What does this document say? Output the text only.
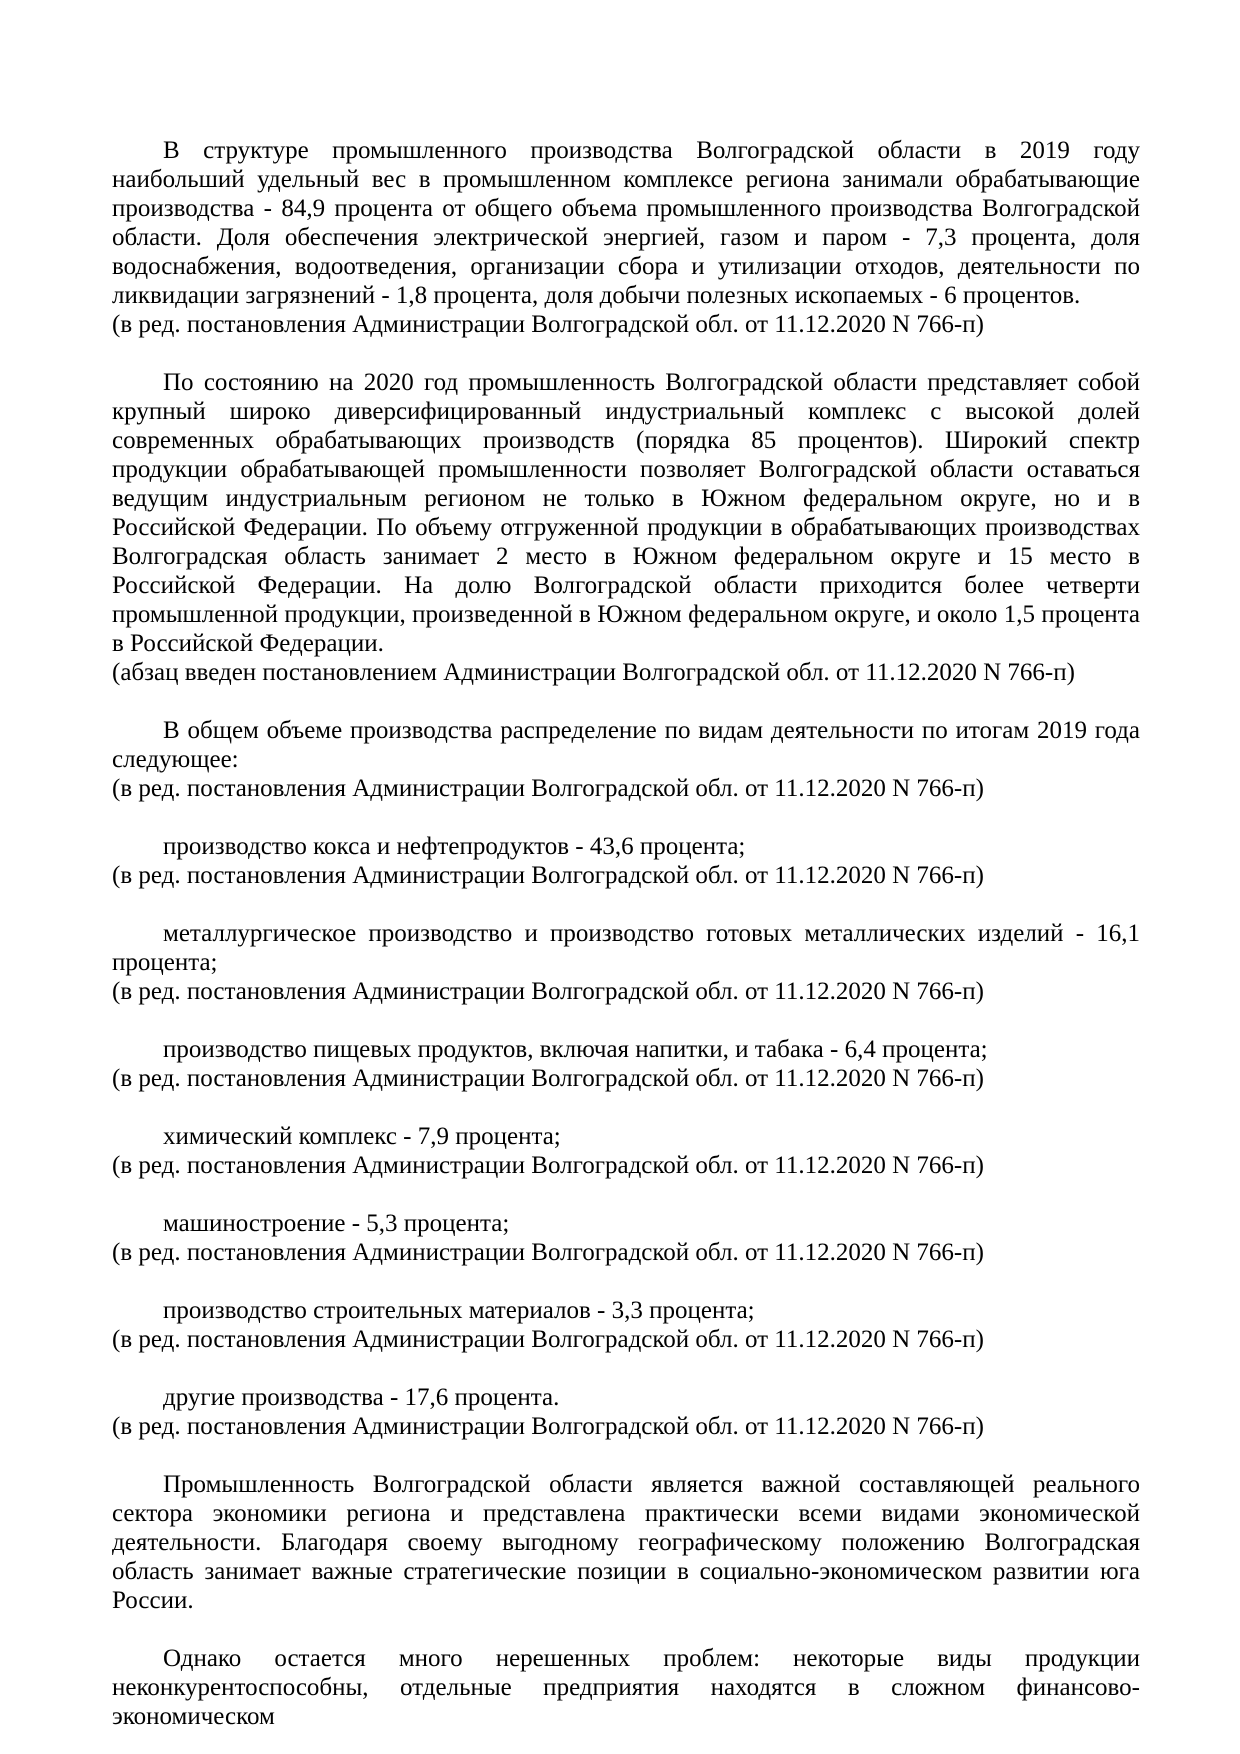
В структуре промышленного производства Волгоградской области в 2019 году наибольший удельный вес в промышленном комплексе региона занимали обрабатывающие производства - 84,9 процента от общего объема промышленного производства Волгоградской области. Доля обеспечения электрической энергией, газом и паром - 7,3 процента, доля водоснабжения, водоотведения, организации сбора и утилизации отходов, деятельности по ликвидации загрязнений - 1,8 процента, доля добычи полезных ископаемых - 6 процентов.

(в ред. постановления Администрации Волгоградской обл. от 11.12.2020 N 766-п)

По состоянию на 2020 год промышленность Волгоградской области представляет собой крупный широко диверсифицированный индустриальный комплекс с высокой долей современных обрабатывающих производств (порядка 85 процентов). Широкий спектр продукции обрабатывающей промышленности позволяет Волгоградской области оставаться ведущим индустриальным регионом не только в Южном федеральном округе, но и в Российской Федерации. По объему отгруженной продукции в обрабатывающих производствах Волгоградская область занимает 2 место в Южном федеральном округе и 15 место в Российской Федерации. На долю Волгоградской области приходится более четверти промышленной продукции, произведенной в Южном федеральном округе, и около 1,5 процента в Российской Федерации.

(абзац введен постановлением Администрации Волгоградской обл. от 11.12.2020 N 766-п)

В общем объеме производства распределение по видам деятельности по итогам 2019 года следующее:

(в ред. постановления Администрации Волгоградской обл. от 11.12.2020 N 766-п)

производство кокса и нефтепродуктов - 43,6 процента;

(в ред. постановления Администрации Волгоградской обл. от 11.12.2020 N 766-п)

металлургическое производство и производство готовых металлических изделий - 16,1 процента;

(в ред. постановления Администрации Волгоградской обл. от 11.12.2020 N 766-п)

производство пищевых продуктов, включая напитки, и табака - 6,4 процента;

(в ред. постановления Администрации Волгоградской обл. от 11.12.2020 N 766-п)

химический комплекс - 7,9 процента;

(в ред. постановления Администрации Волгоградской обл. от 11.12.2020 N 766-п)

машиностроение - 5,3 процента;

(в ред. постановления Администрации Волгоградской обл. от 11.12.2020 N 766-п)

производство строительных материалов - 3,3 процента;

(в ред. постановления Администрации Волгоградской обл. от 11.12.2020 N 766-п)

другие производства - 17,6 процента.

(в ред. постановления Администрации Волгоградской обл. от 11.12.2020 N 766-п)

Промышленность Волгоградской области является важной составляющей реального сектора экономики региона и представлена практически всеми видами экономической деятельности. Благодаря своему выгодному географическому положению Волгоградская область занимает важные стратегические позиции в социально-экономическом развитии юга России.

Однако остается много нерешенных проблем: некоторые виды продукции неконкурентоспособны, отдельные предприятия находятся в сложном финансово-экономическом
